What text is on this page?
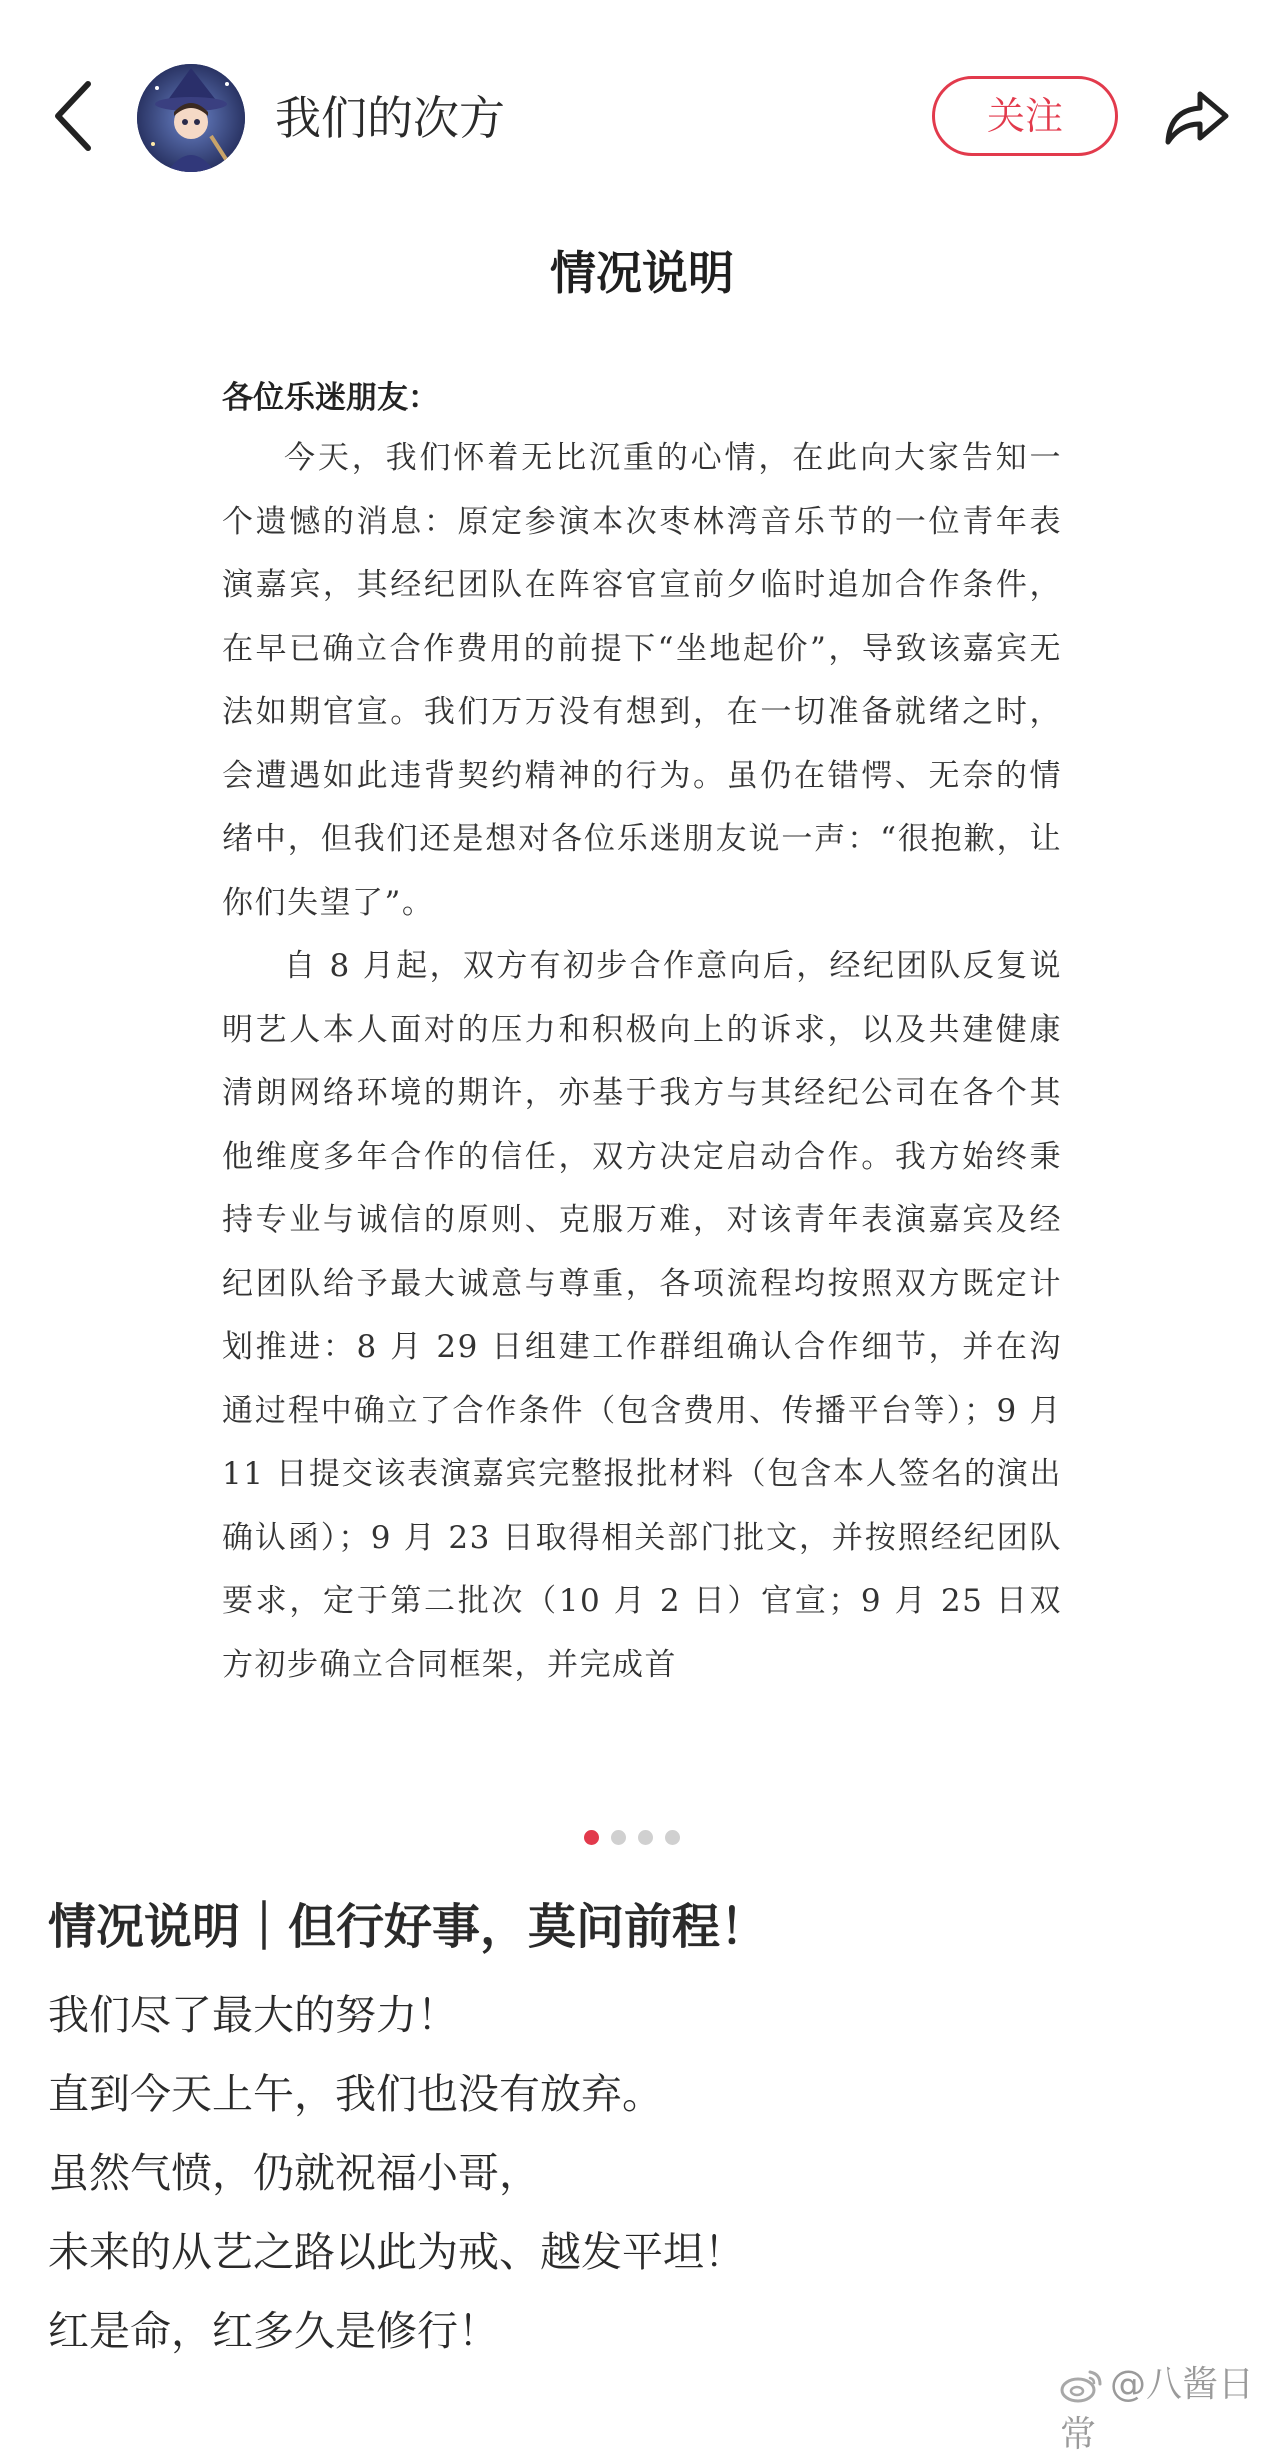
我们的次方	关注
情况说明
各位乐迷朋友：

今天，我们怀着无比沉重的心情，在此向大家告知一个遗憾的消息：原定参演本次枣林湾音乐节的一位青年表演嘉宾，其经纪团队在阵容官宣前夕临时追加合作条件，在早已确立合作费用的前提下“坐地起价”，导致该嘉宾无法如期官宣。我们万万没有想到，在一切准备就绪之时，会遭遇如此违背契约精神的行为。虽仍在错愕、无奈的情绪中，但我们还是想对各位乐迷朋友说一声：“很抱歉，让你们失望了”。

自 8 月起，双方有初步合作意向后，经纪团队反复说明艺人本人面对的压力和积极向上的诉求，以及共建健康清朗网络环境的期许，亦基于我方与其经纪公司在各个其他维度多年合作的信任，双方决定启动合作。我方始终秉持专业与诚信的原则、克服万难，对该青年表演嘉宾及经纪团队给予最大诚意与尊重，各项流程均按照双方既定计划推进：8 月 29 日组建工作群组确认合作细节，并在沟通过程中确立了合作条件（包含费用、传播平台等）；9 月 11 日提交该表演嘉宾完整报批材料（包含本人签名的演出确认函）；9 月 23 日取得相关部门批文，并按照经纪团队要求，定于第二批次（10 月 2 日）官宣；9 月 25 日双方初步确立合同框架，并完成首

情况说明｜但行好事，莫问前程！

我们尽了最大的努力！

直到今天上午，我们也没有放弃。

虽然气愤，仍就祝福小哥，

未来的从艺之路以此为戒、越发平坦！

红是命，红多久是修行！

@八酱日常
